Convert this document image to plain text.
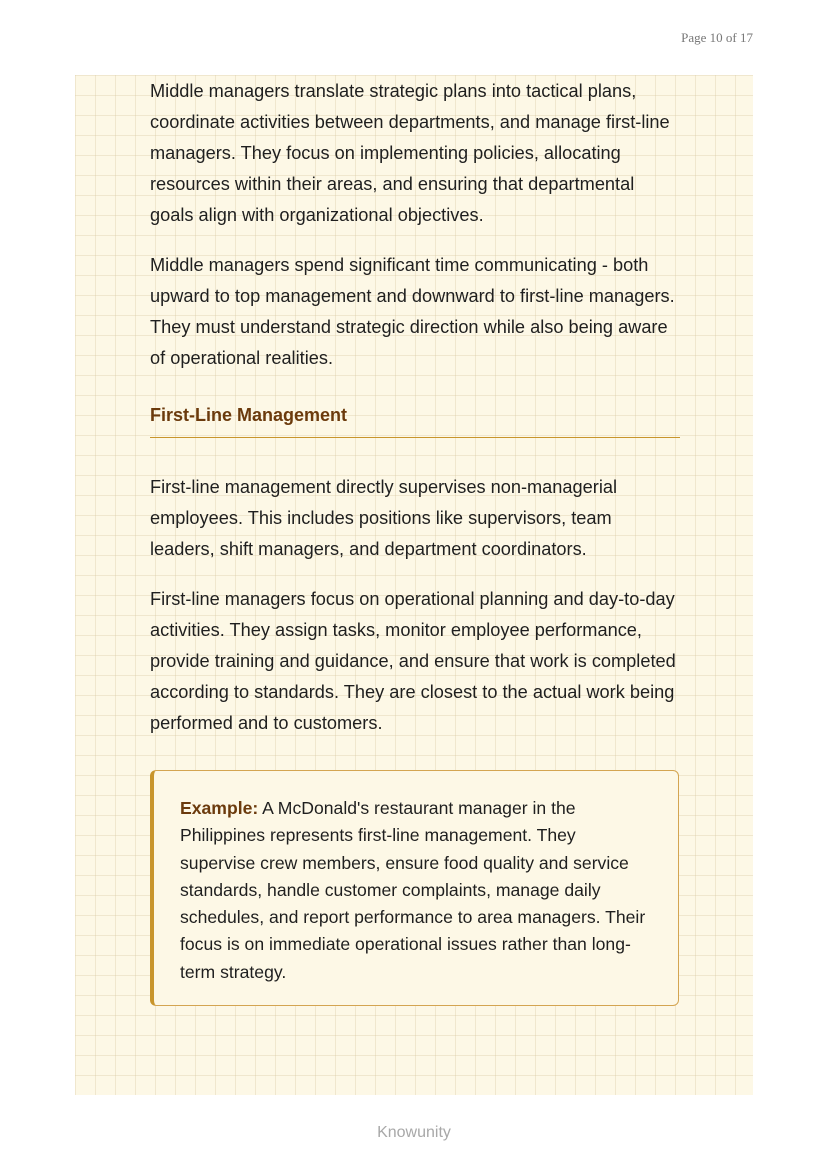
Page 10 of 17

Middle managers translate strategic plans into tactical plans, coordinate activities between departments, and manage first-line managers. They focus on implementing policies, allocating resources within their areas, and ensuring that departmental goals align with organizational objectives.

Middle managers spend significant time communicating - both upward to top management and downward to first-line managers. They must understand strategic direction while also being aware of operational realities.

First-Line Management

First-line management directly supervises non-managerial employees. This includes positions like supervisors, team leaders, shift managers, and department coordinators.

First-line managers focus on operational planning and day-to-day activities. They assign tasks, monitor employee performance, provide training and guidance, and ensure that work is completed according to standards. They are closest to the actual work being performed and to customers.

Example: A McDonald's restaurant manager in the Philippines represents first-line management. They supervise crew members, ensure food quality and service standards, handle customer complaints, manage daily schedules, and report performance to area managers. Their focus is on immediate operational issues rather than long-term strategy.

Knowunity
